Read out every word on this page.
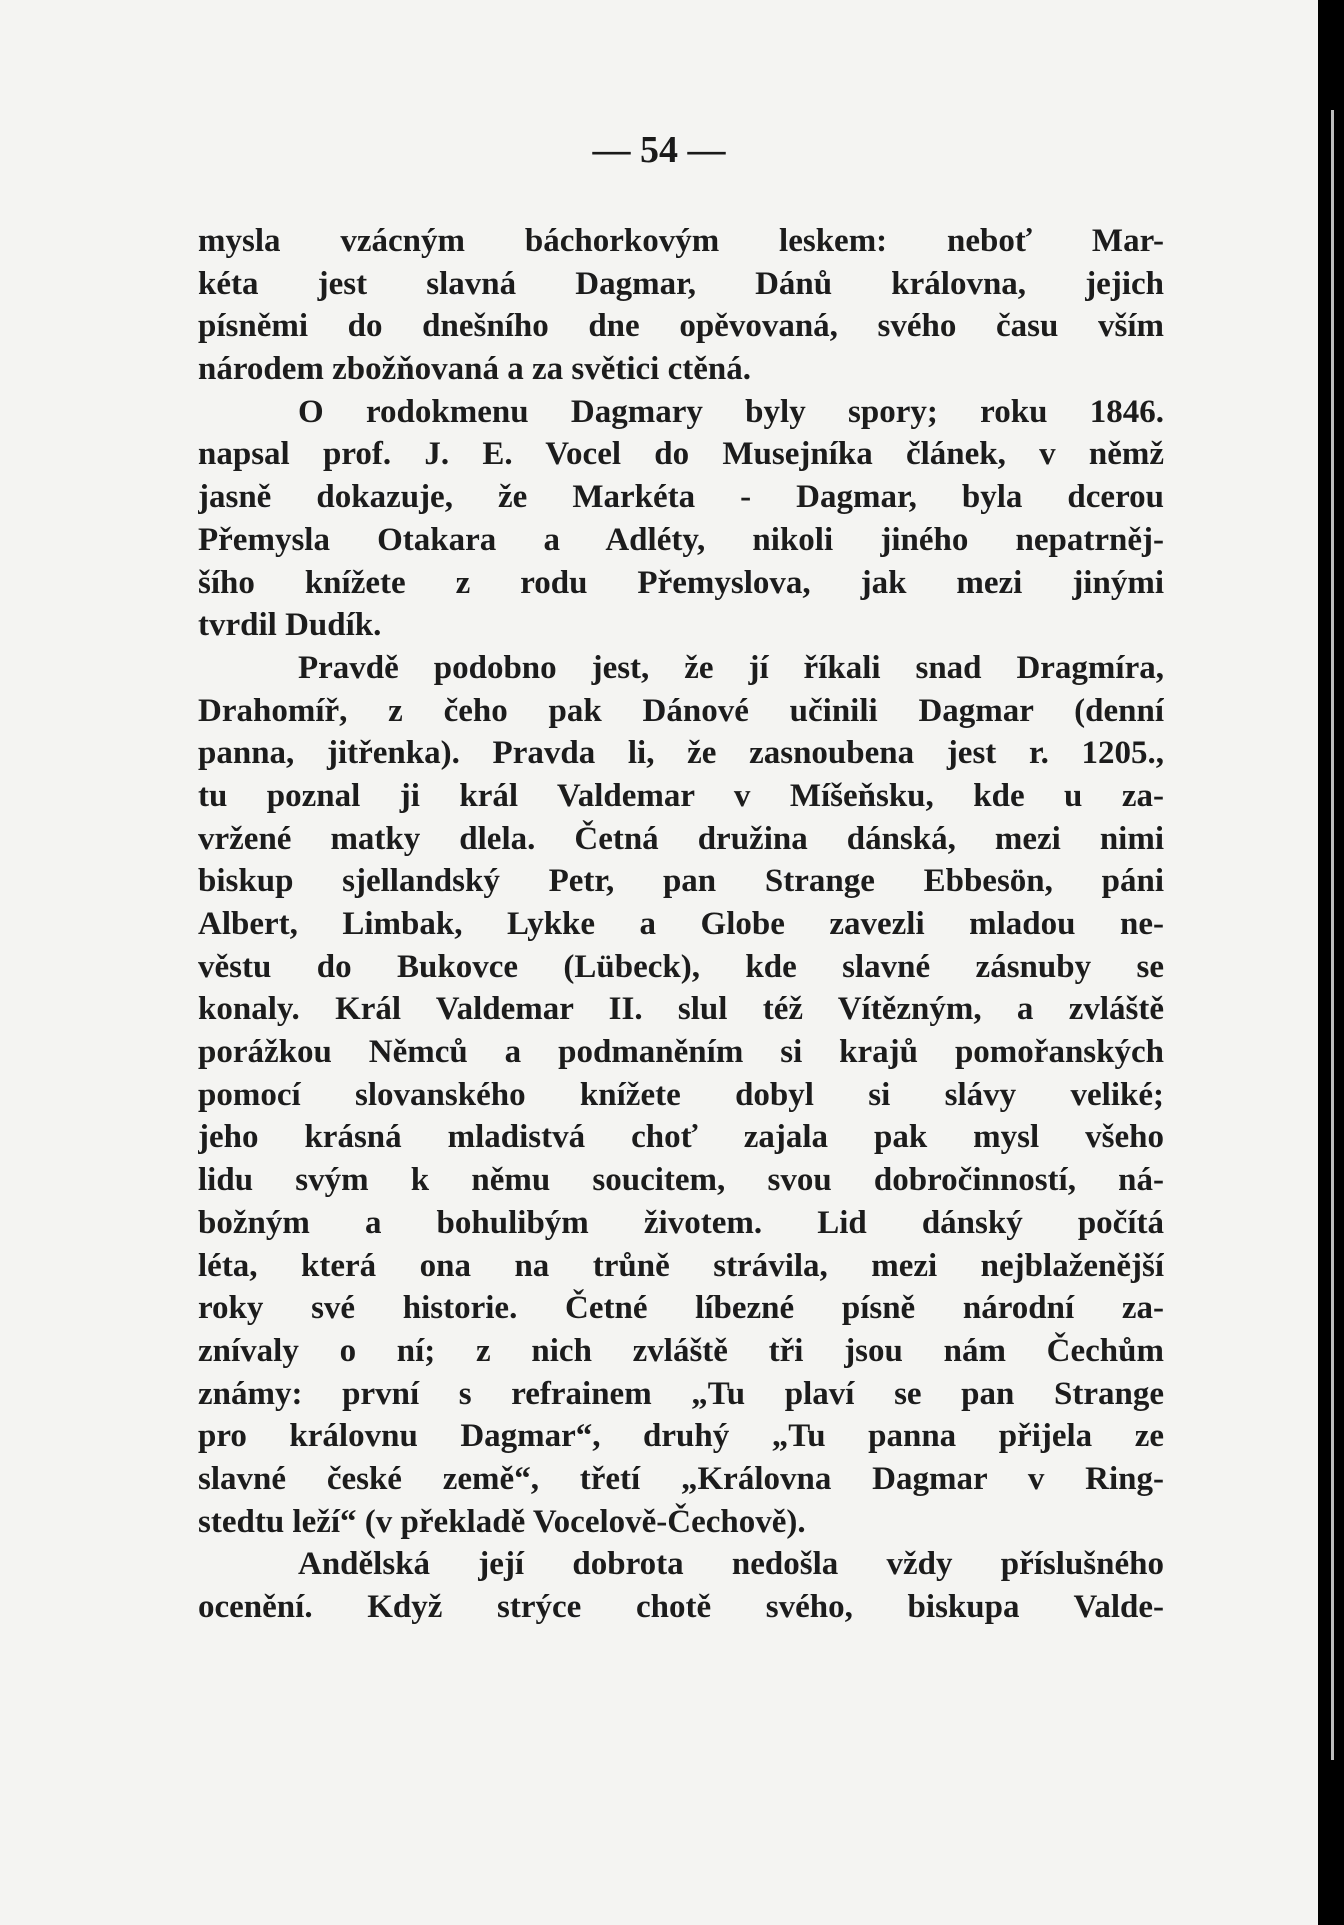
— 54 —
mysla vzácným báchorkovým leskem: neboť Mar-
kéta jest slavná Dagmar, Dánů královna, jejich
písněmi do dnešního dne opěvovaná, svého času vším
národem zbožňovaná a za světici ctěná.
O rodokmenu Dagmary byly spory; roku 1846.
napsal prof. J. E. Vocel do Musejníka článek, v němž
jasně dokazuje, že Markéta - Dagmar, byla dcerou
Přemysla Otakara a Adléty, nikoli jiného nepatrněj-
šího knížete z rodu Přemyslova, jak mezi jinými
tvrdil Dudík.
Pravdě podobno jest, že jí říkali snad Dragmíra,
Drahomíř, z čeho pak Dánové učinili Dagmar (denní
panna, jitřenka). Pravda li, že zasnoubena jest r. 1205.,
tu poznal ji král Valdemar v Míšeňsku, kde u za-
vržené matky dlela. Četná družina dánská, mezi nimi
biskup sjellandský Petr, pan Strange Ebbesön, páni
Albert, Limbak, Lykke a Globe zavezli mladou ne-
věstu do Bukovce (Lübeck), kde slavné zásnuby se
konaly. Král Valdemar II. slul též Vítězným, a zvláště
porážkou Němců a podmaněním si krajů pomořanských
pomocí slovanského knížete dobyl si slávy veliké;
jeho krásná mladistvá choť zajala pak mysl všeho
lidu svým k němu soucitem, svou dobročinností, ná-
božným a bohulibým životem. Lid dánský počítá
léta, která ona na trůně strávila, mezi nejblaženější
roky své historie. Četné líbezné písně národní za-
znívaly o ní; z nich zvláště tři jsou nám Čechům
známy: první s refrainem „Tu plaví se pan Strange
pro královnu Dagmar“, druhý „Tu panna přijela ze
slavné české země“, třetí „Královna Dagmar v Ring-
stedtu leží“ (v překladě Vocelově-Čechově).
Andělská její dobrota nedošla vždy příslušného
ocenění. Když strýce chotě svého, biskupa Valde-
